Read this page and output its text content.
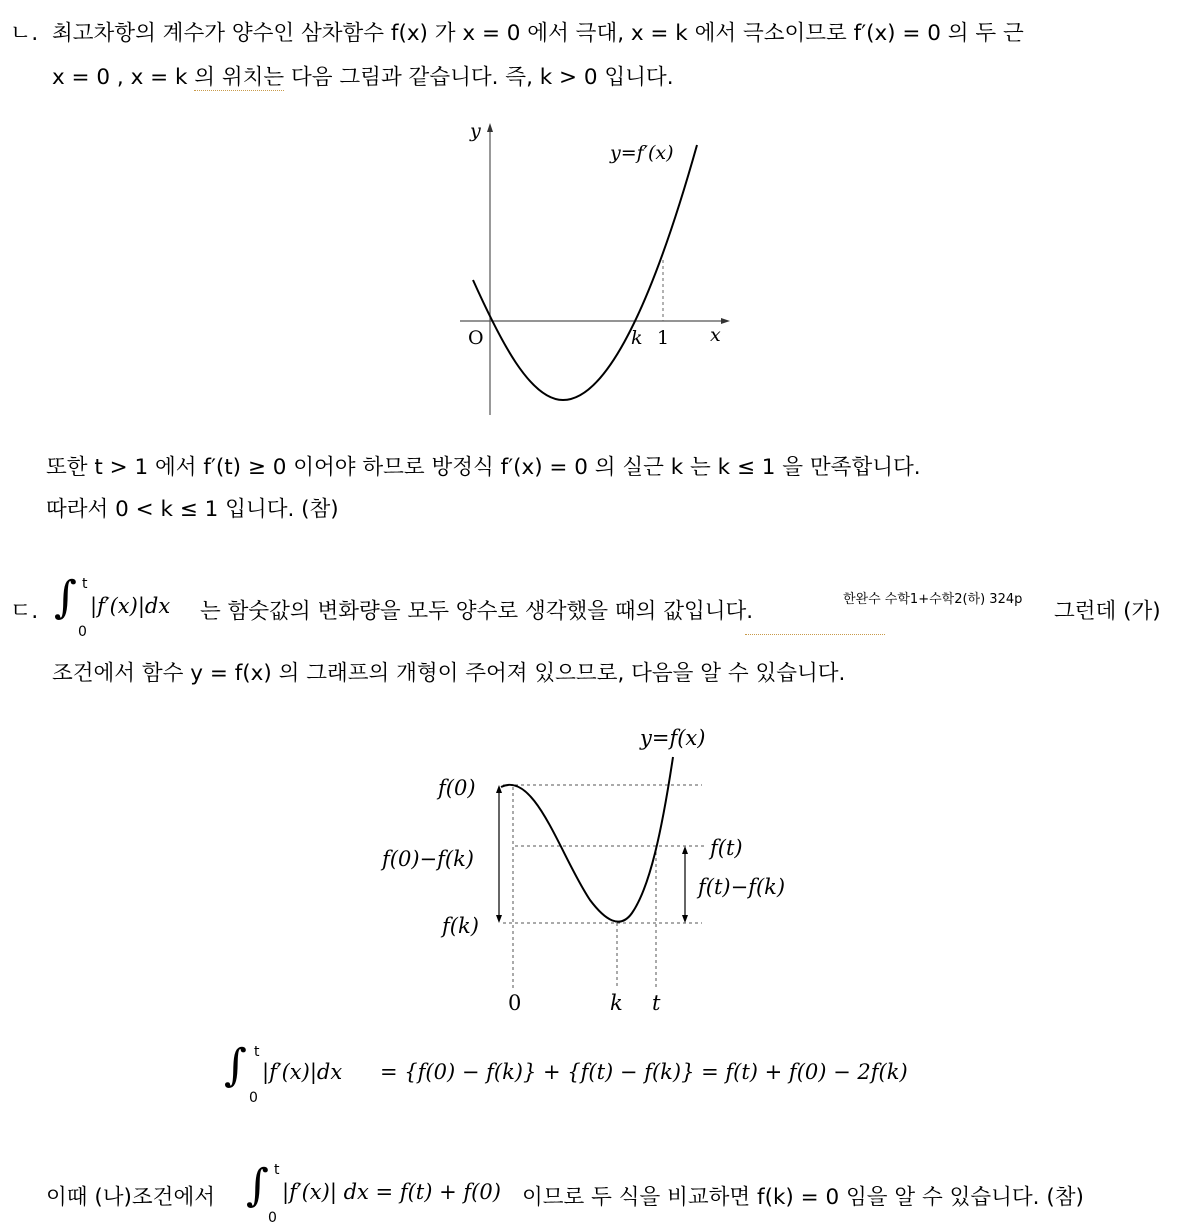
ㄴ. 최고차항의 계수가 양수인 삼차함수 f(x) 가 x = 0 에서 극대, x = k 에서 극소이므로 f′(x) = 0 의 두 근
x = 0 , x = k 의 위치는 다음 그림과 같습니다. 즉, k > 0 입니다.
y
x
O	k 1
y=f′(x)
또한 t > 1 에서 f′(t) ≥ 0 이어야 하므로 방정식 f′(x) = 0 의 실근 k 는 k ≤ 1 을 만족합니다.
따라서 0 < k ≤ 1 입니다. (참)
ㄷ. ∫ t
0
|f′(x)|dx 는 함숫값의 변화량을 모두 양수로 생각했을 때의 값입니다.	한완수 수학1+수학2(하) 324p 그런데 (가)
조건에서 함수 y = f(x) 의 그래프의 개형이 주어져 있으므로, 다음을 알 수 있습니다.
y=f(x)
f(0)
f(k)
f(t)
f(0)−f(k)
f(t)−f(k)
0	k t
∫ t
0
|f′(x)|dx = {f(0) − f(k)} + {f(t) − f(k)} = f(t) + f(0) − 2f(k)
이때 (나)조건에서 ∫ t
0
|f′(x)| dx = f(t) + f(0) 이므로 두 식을 비교하면 f(k) = 0 임을 알 수 있습니다. (참)
